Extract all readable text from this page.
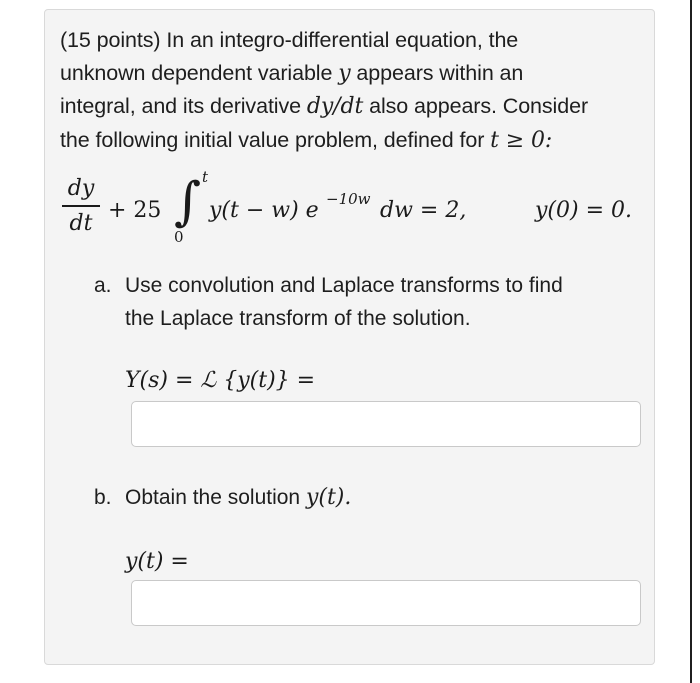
(15 points) In an integro-differential equation, the
unknown dependent variable y appears within an
integral, and its derivative dy/dt also appears. Consider
the following initial value problem, defined for t ≥ 0:
dy
dt + 25 ∫ t
0
y(t − w) e −10w dw = 2,	y(0) = 0.
a. Use convolution and Laplace transforms to find
the Laplace transform of the solution.
Y(s) = ℒ {y(t)} =
b. Obtain the solution y(t).
y(t) =
